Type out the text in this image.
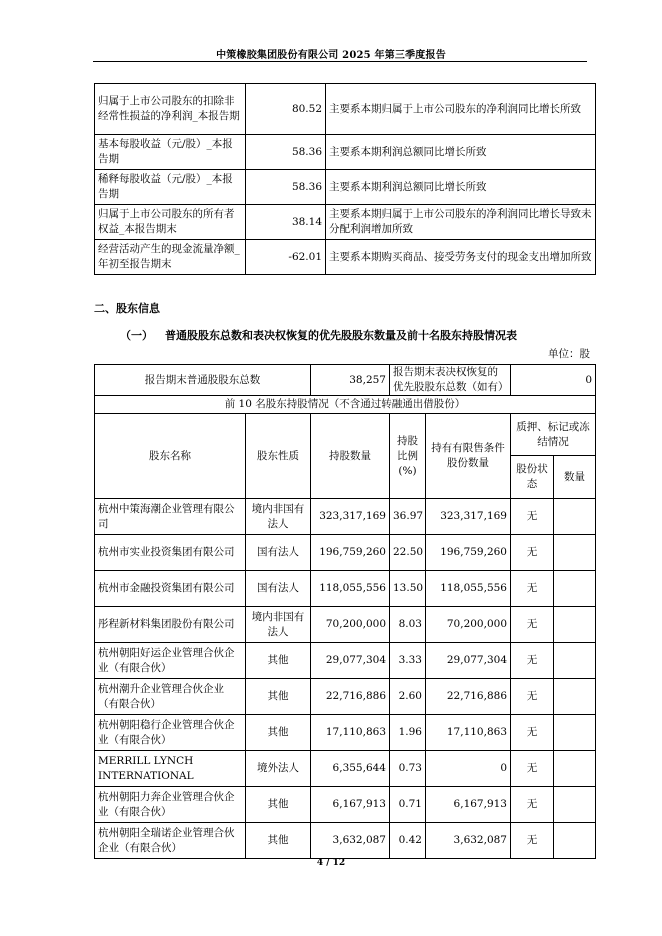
中策橡胶集团股份有限公司 2025 年第三季度报告
归属于上市公司股东的扣除非经常性损益的净利润_本报告期	80.52	主要系本期归属于上市公司股东的净利润同比增长所致
基本每股收益（元/股）_本报告期	58.36	主要系本期利润总额同比增长所致
稀释每股收益（元/股）_本报告期	58.36	主要系本期利润总额同比增长所致
归属于上市公司股东的所有者权益_本报告期末	38.14	主要系本期归属于上市公司股东的净利润同比增长导致未分配利润增加所致
经营活动产生的现金流量净额_年初至报告期末	-62.01	主要系本期购买商品、接受劳务支付的现金支出增加所致
二、股东信息
（一） 普通股股东总数和表决权恢复的优先股股东数量及前十名股东持股情况表
单位：股
报告期末普通股股东总数		38,257	报告期末表决权恢复的优先股股东总数（如有）		0	
前 10 名股东持股情况（不含通过转融通出借股份）						
股东名称	股东性质	持股数量	持股比例(%)	持有有限售条件股份数量	质押、标记或冻结情况	
					股份状态	数量
杭州中策海潮企业管理有限公司	境内非国有法人	323,317,169	36.97	323,317,169	无	
杭州市实业投资集团有限公司	国有法人	196,759,260	22.50	196,759,260	无	
杭州市金融投资集团有限公司	国有法人	118,055,556	13.50	118,055,556	无	
彤程新材料集团股份有限公司	境内非国有法人	70,200,000	8.03	70,200,000	无	
杭州朝阳好运企业管理合伙企业（有限合伙）	其他	29,077,304	3.33	29,077,304	无	
杭州潮升企业管理合伙企业（有限合伙）	其他	22,716,886	2.60	22,716,886	无	
杭州朝阳稳行企业管理合伙企业（有限合伙）	其他	17,110,863	1.96	17,110,863	无	
MERRILL LYNCH INTERNATIONAL	境外法人	6,355,644	0.73	0	无	
杭州朝阳力奔企业管理合伙企业（有限合伙）	其他	6,167,913	0.71	6,167,913	无	
杭州朝阳全瑞诺企业管理合伙企业（有限合伙）	其他	3,632,087	0.42	3,632,087	无	
4 / 12
